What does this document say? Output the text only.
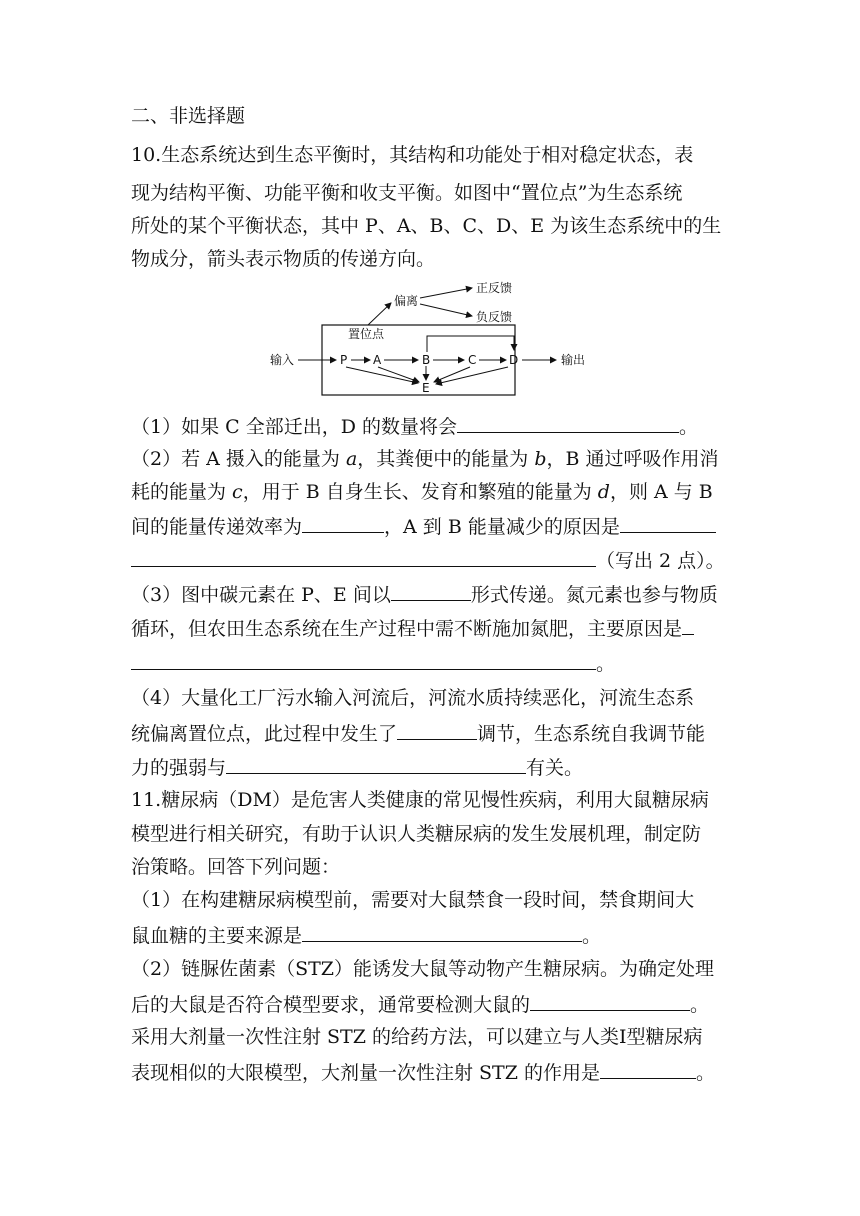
二、非选择题
10.生态系统达到生态平衡时，其结构和功能处于相对稳定状态，表
现为结构平衡、功能平衡和收支平衡。如图中“置位点”为生态系统
所处的某个平衡状态，其中 P、A、B、C、D、E 为该生态系统中的生
物成分，箭头表示物质的传递方向。
偏离
正反馈
负反馈
置位点
输入	输出
P A	B	C	D
E
（1）如果 C 全部迁出，D 的数量将会	。
（2）若 A 摄入的能量为 a，其粪便中的能量为 b，B 通过呼吸作用消
耗的能量为 c，用于 B 自身生长、发育和繁殖的能量为 d，则 A 与 B
间的能量传递效率为	，A 到 B 能量减少的原因是
（写出 2 点）。
（3）图中碳元素在 P、E 间以	形式传递。氮元素也参与物质
循环，但农田生态系统在生产过程中需不断施加氮肥，主要原因是
。
（4）大量化工厂污水输入河流后，河流水质持续恶化，河流生态系
统偏离置位点，此过程中发生了	调节，生态系统自我调节能
力的强弱与	有关。
11.糖尿病（DM）是危害人类健康的常见慢性疾病，利用大鼠糖尿病
模型进行相关研究，有助于认识人类糖尿病的发生发展机理，制定防
治策略。回答下列问题：
（1）在构建糖尿病模型前，需要对大鼠禁食一段时间，禁食期间大
鼠血糖的主要来源是	。
（2）链脲佐菌素（STZ）能诱发大鼠等动物产生糖尿病。为确定处理
后的大鼠是否符合模型要求，通常要检测大鼠的	。
采用大剂量一次性注射 STZ 的给药方法，可以建立与人类Ⅰ型糖尿病
表现相似的大限模型，大剂量一次性注射 STZ 的作用是	。
